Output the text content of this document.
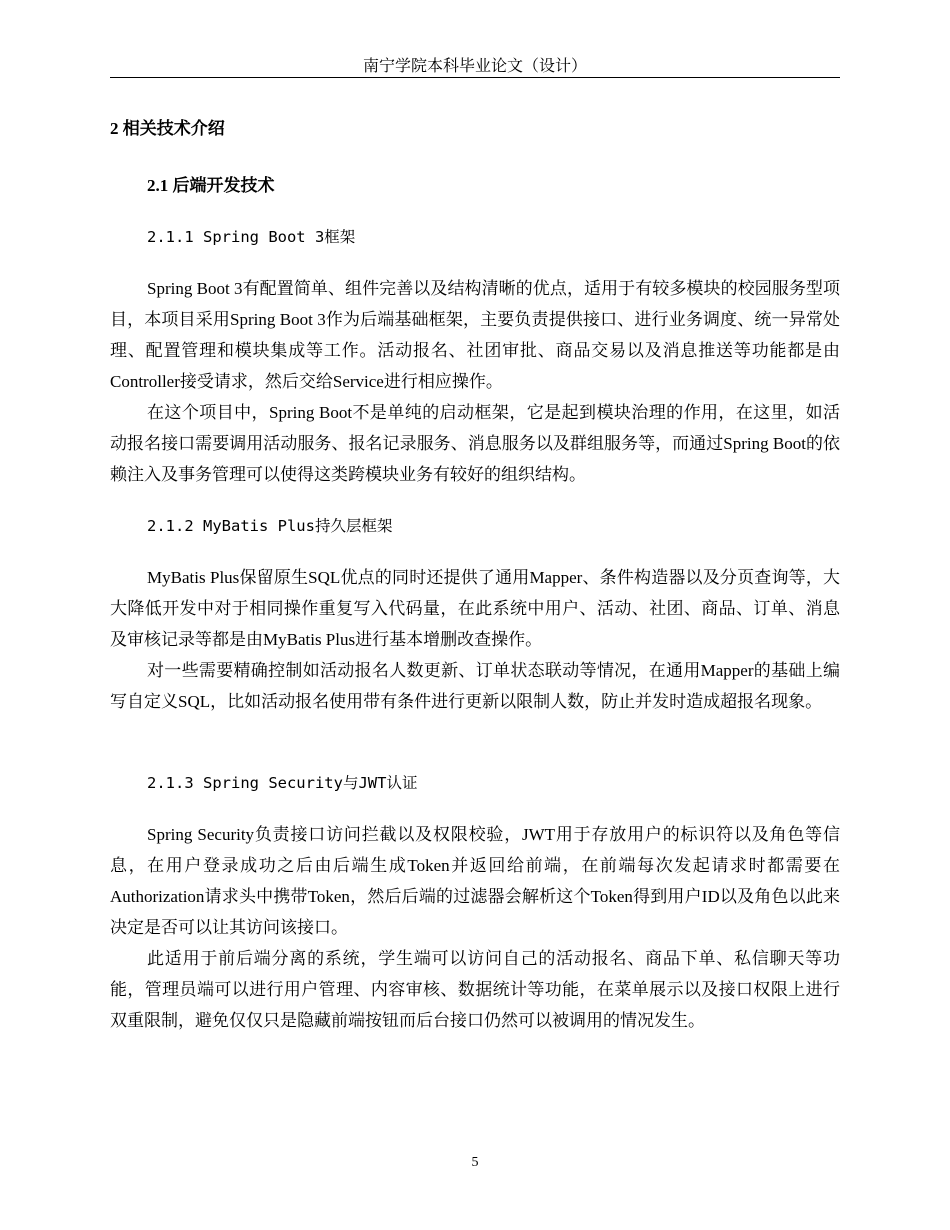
南宁学院本科毕业论文（设计）
2 相关技术介绍
2.1 后端开发技术
2.1.1 Spring Boot 3框架

Spring Boot 3有配置简单、组件完善以及结构清晰的优点，适用于有较多模块的校园服务型项目，本项目采用Spring Boot 3作为后端基础框架，主要负责提供接口、进行业务调度、统一异常处理、配置管理和模块集成等工作。活动报名、社团审批、商品交易以及消息推送等功能都是由Controller接受请求，然后交给Service进行相应操作。

在这个项目中，Spring Boot不是单纯的启动框架，它是起到模块治理的作用，在这里，如活动报名接口需要调用活动服务、报名记录服务、消息服务以及群组服务等，而通过Spring Boot的依赖注入及事务管理可以使得这类跨模块业务有较好的组织结构。

2.1.2 MyBatis Plus持久层框架

MyBatis Plus保留原生SQL优点的同时还提供了通用Mapper、条件构造器以及分页查询等，大大降低开发中对于相同操作重复写入代码量，在此系统中用户、活动、社团、商品、订单、消息及审核记录等都是由MyBatis Plus进行基本增删改查操作。

对一些需要精确控制如活动报名人数更新、订单状态联动等情况，在通用Mapper的基础上编写自定义SQL，比如活动报名使用带有条件进行更新以限制人数，防止并发时造成超报名现象。

2.1.3 Spring Security与JWT认证

Spring Security负责接口访问拦截以及权限校验，JWT用于存放用户的标识符以及角色等信息，在用户登录成功之后由后端生成Token并返回给前端，在前端每次发起请求时都需要在Authorization请求头中携带Token，然后后端的过滤器会解析这个Token得到用户ID以及角色以此来决定是否可以让其访问该接口。

此适用于前后端分离的系统，学生端可以访问自己的活动报名、商品下单、私信聊天等功能，管理员端可以进行用户管理、内容审核、数据统计等功能，在菜单展示以及接口权限上进行双重限制，避免仅仅只是隐藏前端按钮而后台接口仍然可以被调用的情况发生。

5
